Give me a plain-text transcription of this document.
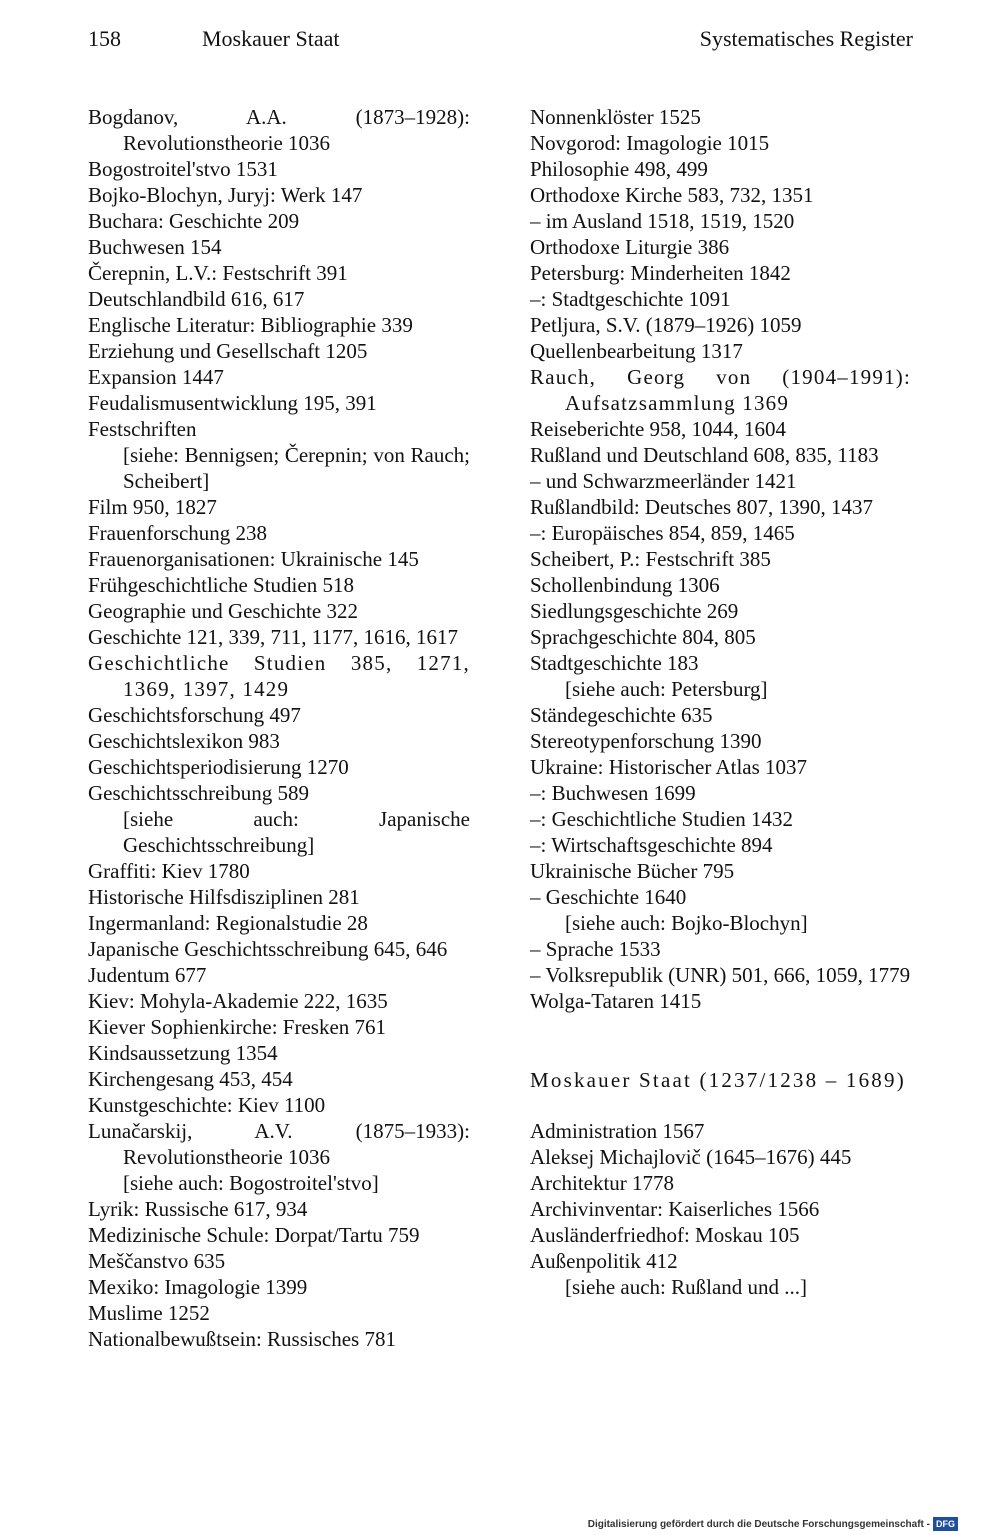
158	Moskauer Staat	Systematisches Register
Bogdanov, A.A. (1873–1928): Revolutionstheorie 1036
Bogostroitel'stvo 1531
Bojko-Blochyn, Juryj: Werk 147
Buchara: Geschichte 209
Buchwesen 154
Čerepnin, L.V.: Festschrift 391
Deutschlandbild 616, 617
Englische Literatur: Bibliographie 339
Erziehung und Gesellschaft 1205
Expansion 1447
Feudalismusentwicklung 195, 391
Festschriften
[siehe: Bennigsen; Čerepnin; von Rauch; Scheibert]
Film 950, 1827
Frauenforschung 238
Frauenorganisationen: Ukrainische 145
Frühgeschichtliche Studien 518
Geographie und Geschichte 322
Geschichte 121, 339, 711, 1177, 1616, 1617
Geschichtliche Studien 385, 1271, 1369, 1397, 1429
Geschichtsforschung 497
Geschichtslexikon 983
Geschichtsperiodisierung 1270
Geschichtsschreibung 589
[siehe auch: Japanische Geschichtsschreibung]
Graffiti: Kiev 1780
Historische Hilfsdisziplinen 281
Ingermanland: Regionalstudie 28
Japanische Geschichtsschreibung 645, 646
Judentum 677
Kiev: Mohyla-Akademie 222, 1635
Kiever Sophienkirche: Fresken 761
Kindsaussetzung 1354
Kirchengesang 453, 454
Kunstgeschichte: Kiev 1100
Lunačarskij, A.V. (1875–1933): Revolutionstheorie 1036
[siehe auch: Bogostroitel'stvo]
Lyrik: Russische 617, 934
Medizinische Schule: Dorpat/Tartu 759
Meščanstvo 635
Mexiko: Imagologie 1399
Muslime 1252
Nationalbewußtsein: Russisches 781
Nonnenklöster 1525
Novgorod: Imagologie 1015
Philosophie 498, 499
Orthodoxe Kirche 583, 732, 1351
– im Ausland 1518, 1519, 1520
Orthodoxe Liturgie 386
Petersburg: Minderheiten 1842
–: Stadtgeschichte 1091
Petljura, S.V. (1879–1926) 1059
Quellenbearbeitung 1317
Rauch, Georg von (1904–1991): Aufsatzsammlung 1369
Reiseberichte 958, 1044, 1604
Rußland und Deutschland 608, 835, 1183
– und Schwarzmeerländer 1421
Rußlandbild: Deutsches 807, 1390, 1437
–: Europäisches 854, 859, 1465
Scheibert, P.: Festschrift 385
Schollenbindung 1306
Siedlungsgeschichte 269
Sprachgeschichte 804, 805
Stadtgeschichte 183
[siehe auch: Petersburg]
Ständegeschichte 635
Stereotypenforschung 1390
Ukraine: Historischer Atlas 1037
–: Buchwesen 1699
–: Geschichtliche Studien 1432
–: Wirtschaftsgeschichte 894
Ukrainische Bücher 795
– Geschichte 1640
[siehe auch: Bojko-Blochyn]
– Sprache 1533
– Volksrepublik (UNR) 501, 666, 1059, 1779
Wolga-Tataren 1415
Moskauer Staat (1237/1238 – 1689)
Administration 1567
Aleksej Michajlovič (1645–1676) 445
Architektur 1778
Archivinventar: Kaiserliches 1566
Ausländerfriedhof: Moskau 105
Außenpolitik 412
[siehe auch: Rußland und ...]
Digitalisierung gefördert durch die Deutsche Forschungsgemeinschaft - DFG
